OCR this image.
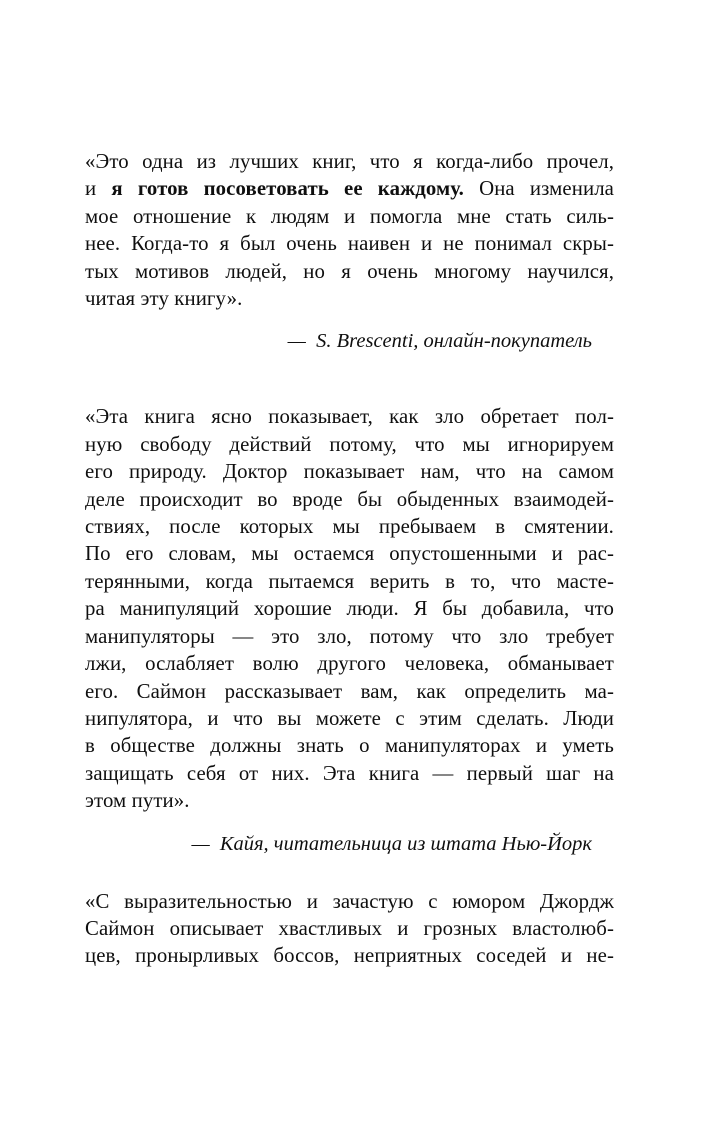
«Это одна из лучших книг, что я когда-либо прочел,
и я готов посоветовать ее каждому. Она изменила
мое отношение к людям и помогла мне стать силь-
нее. Когда-то я был очень наивен и не понимал скры-
тых мотивов людей, но я очень многому научился,
читая эту книгу».
— S. Brescenti, онлайн-покупатель
«Эта книга ясно показывает, как зло обретает пол-
ную свободу действий потому, что мы игнорируем
его природу. Доктор показывает нам, что на самом
деле происходит во вроде бы обыденных взаимодей-
ствиях, после которых мы пребываем в смятении.
По его словам, мы остаемся опустошенными и рас-
терянными, когда пытаемся верить в то, что масте-
ра манипуляций хорошие люди. Я бы добавила, что
манипуляторы — это зло, потому что зло требует
лжи, ослабляет волю другого человека, обманывает
его. Саймон рассказывает вам, как определить ма-
нипулятора, и что вы можете с этим сделать. Люди
в обществе должны знать о манипуляторах и уметь
защищать себя от них. Эта книга — первый шаг на
этом пути».
— Кайя, читательница из штата Нью-Йорк
«С выразительностью и зачастую с юмором Джордж
Саймон описывает хвастливых и грозных властолюб-
цев, пронырливых боссов, неприятных соседей и не-
